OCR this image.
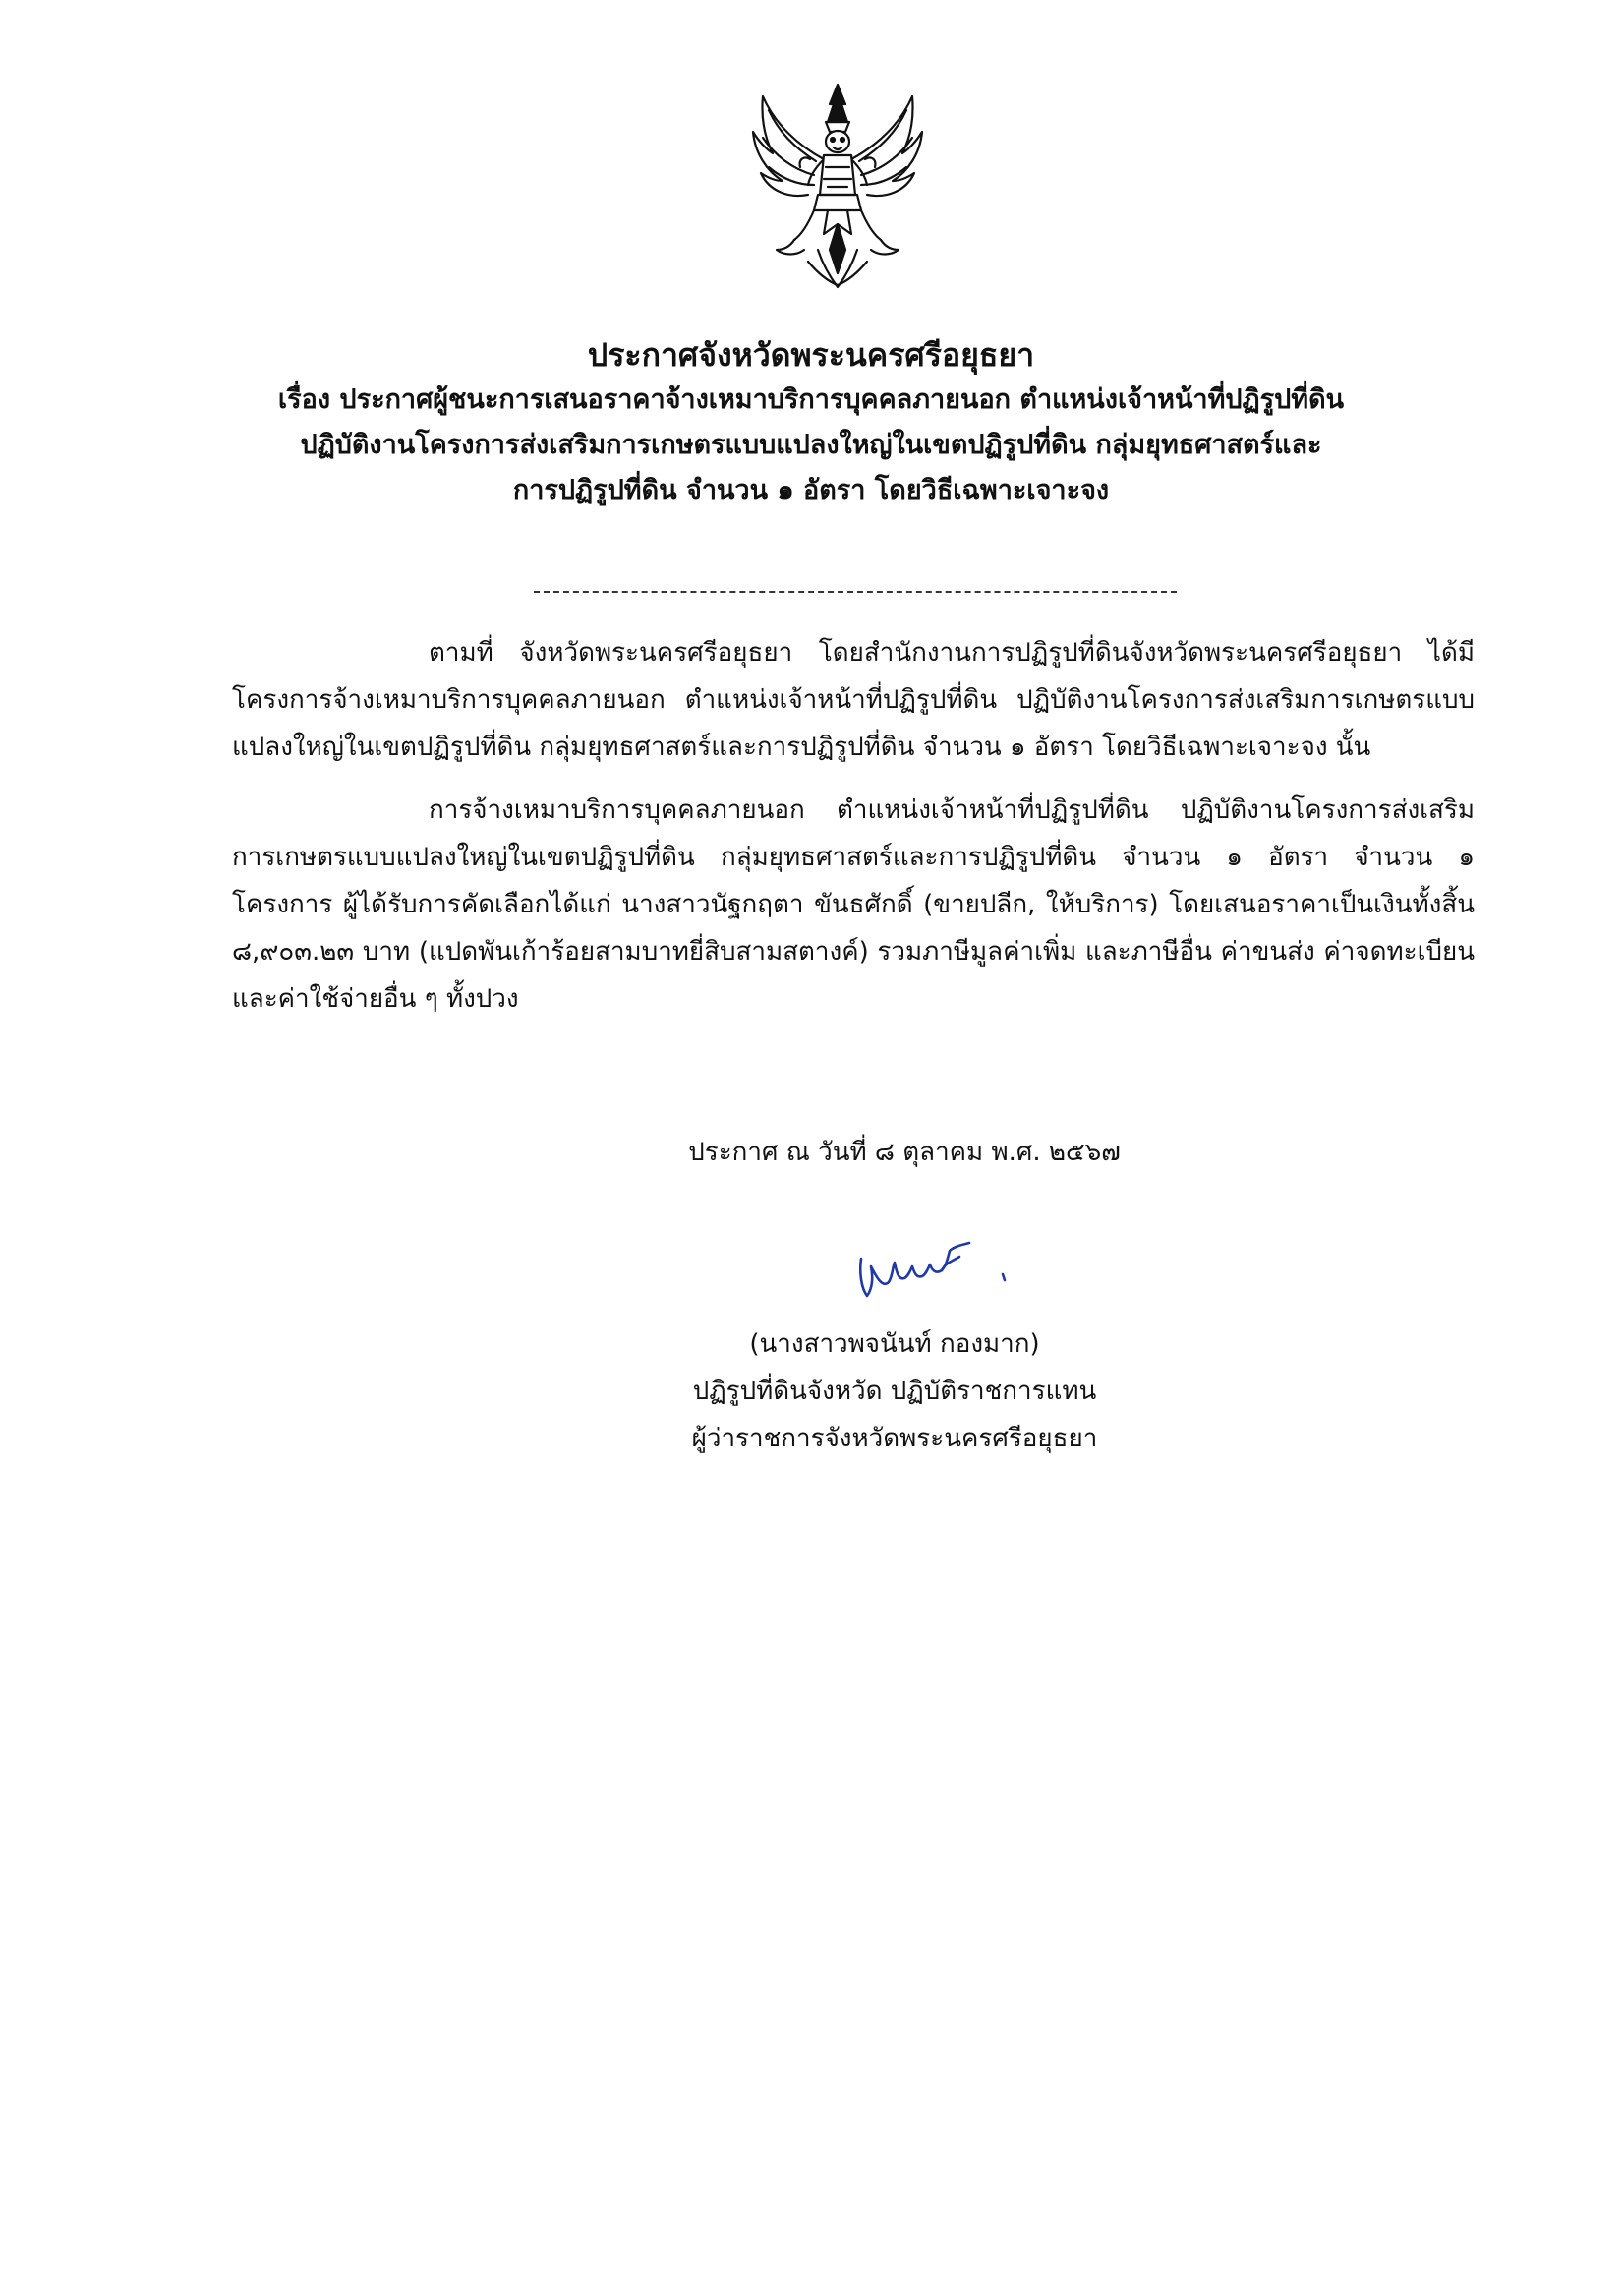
ประกาศจังหวัดพระนครศรีอยุธยา
เรื่อง ประกาศผู้ชนะการเสนอราคาจ้างเหมาบริการบุคคลภายนอก ตำแหน่งเจ้าหน้าที่ปฏิรูปที่ดิน
ปฏิบัติงานโครงการส่งเสริมการเกษตรแบบแปลงใหญ่ในเขตปฏิรูปที่ดิน กลุ่มยุทธศาสตร์และ
การปฏิรูปที่ดิน จำนวน ๑ อัตรา โดยวิธีเฉพาะเจาะจง

ตามที่ จังหวัดพระนครศรีอยุธยา โดยสำนักงานการปฏิรูปที่ดินจังหวัดพระนครศรีอยุธยา ได้มีโครงการจ้างเหมาบริการบุคคลภายนอก ตำแหน่งเจ้าหน้าที่ปฏิรูปที่ดิน ปฏิบัติงานโครงการส่งเสริมการเกษตรแบบแปลงใหญ่ในเขตปฏิรูปที่ดิน กลุ่มยุทธศาสตร์และการปฏิรูปที่ดิน จำนวน ๑ อัตรา โดยวิธีเฉพาะเจาะจง นั้น

การจ้างเหมาบริการบุคคลภายนอก ตำแหน่งเจ้าหน้าที่ปฏิรูปที่ดิน ปฏิบัติงานโครงการส่งเสริมการเกษตรแบบแปลงใหญ่ในเขตปฏิรูปที่ดิน กลุ่มยุทธศาสตร์และการปฏิรูปที่ดิน จำนวน ๑ อัตรา จำนวน ๑ โครงการ ผู้ได้รับการคัดเลือกได้แก่ นางสาวนัฐกฤตา ขันธศักดิ์ (ขายปลีก, ให้บริการ) โดยเสนอราคาเป็นเงินทั้งสิ้น ๘,๙๐๓.๒๓ บาท (แปดพันเก้าร้อยสามบาทยี่สิบสามสตางค์) รวมภาษีมูลค่าเพิ่ม และภาษีอื่น ค่าขนส่ง ค่าจดทะเบียนและค่าใช้จ่ายอื่น ๆ ทั้งปวง

ประกาศ ณ วันที่ ๘ ตุลาคม พ.ศ. ๒๕๖๗
(นางสาวพจนันท์ กองมาก)
ปฏิรูปที่ดินจังหวัด ปฏิบัติราชการแทน
ผู้ว่าราชการจังหวัดพระนครศรีอยุธยา
